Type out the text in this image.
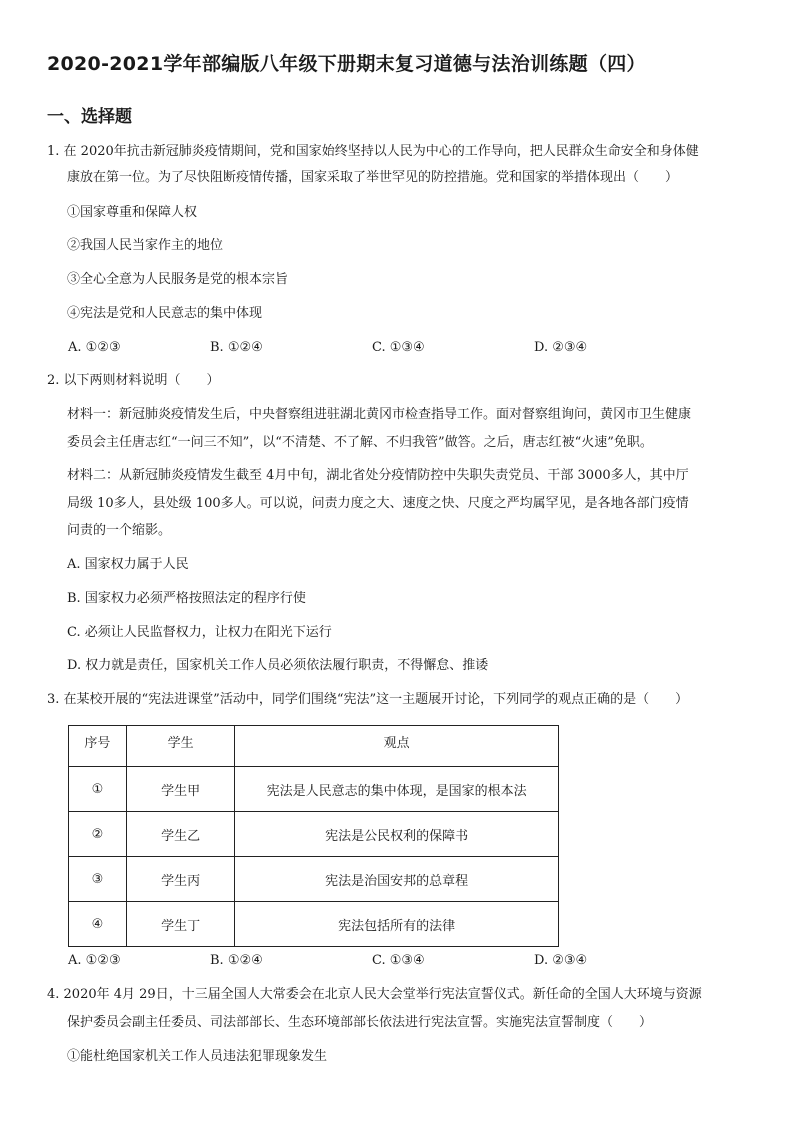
2020-2021学年部编版八年级下册期末复习道德与法治训练题（四）
一、选择题
1. 在 2020年抗击新冠肺炎疫情期间，党和国家始终坚持以人民为中心的工作导向，把人民群众生命安全和身体健
康放在第一位。为了尽快阻断疫情传播，国家采取了举世罕见的防控措施。党和国家的举措体现出（　　）
①国家尊重和保障人权
②我国人民当家作主的地位
③全心全意为人民服务是党的根本宗旨
④宪法是党和人民意志的集中体现
A. ①②③	B. ①②④	C. ①③④	D. ②③④
2. 以下两则材料说明（　　）
材料一：新冠肺炎疫情发生后，中央督察组进驻湖北黄冈市检查指导工作。面对督察组询问，黄冈市卫生健康
委员会主任唐志红“一问三不知”，以“不清楚、不了解、不归我管”做答。之后，唐志红被“火速”免职。
材料二：从新冠肺炎疫情发生截至 4月中旬，湖北省处分疫情防控中失职失责党员、干部 3000多人，其中厅
局级 10多人，县处级 100多人。可以说，问责力度之大、速度之快、尺度之严均属罕见，是各地各部门疫情
问责的一个缩影。
A. 国家权力属于人民
B. 国家权力必须严格按照法定的程序行使
C. 必须让人民监督权力，让权力在阳光下运行
D. 权力就是责任，国家机关工作人员必须依法履行职责，不得懈怠、推诿
3. 在某校开展的“宪法进课堂”活动中，同学们围绕“宪法”这一主题展开讨论，下列同学的观点正确的是（　　）
序号	学生	观点
①	学生甲	宪法是人民意志的集中体现，是国家的根本法
②	学生乙	宪法是公民权利的保障书
③	学生丙	宪法是治国安邦的总章程
④	学生丁	宪法包括所有的法律
A. ①②③	B. ①②④	C. ①③④	D. ②③④
4. 2020年 4月 29日，十三届全国人大常委会在北京人民大会堂举行宪法宣誓仪式。新任命的全国人大环境与资源
保护委员会副主任委员、司法部部长、生态环境部部长依法进行宪法宣誓。实施宪法宣誓制度（　　）
①能杜绝国家机关工作人员违法犯罪现象发生
